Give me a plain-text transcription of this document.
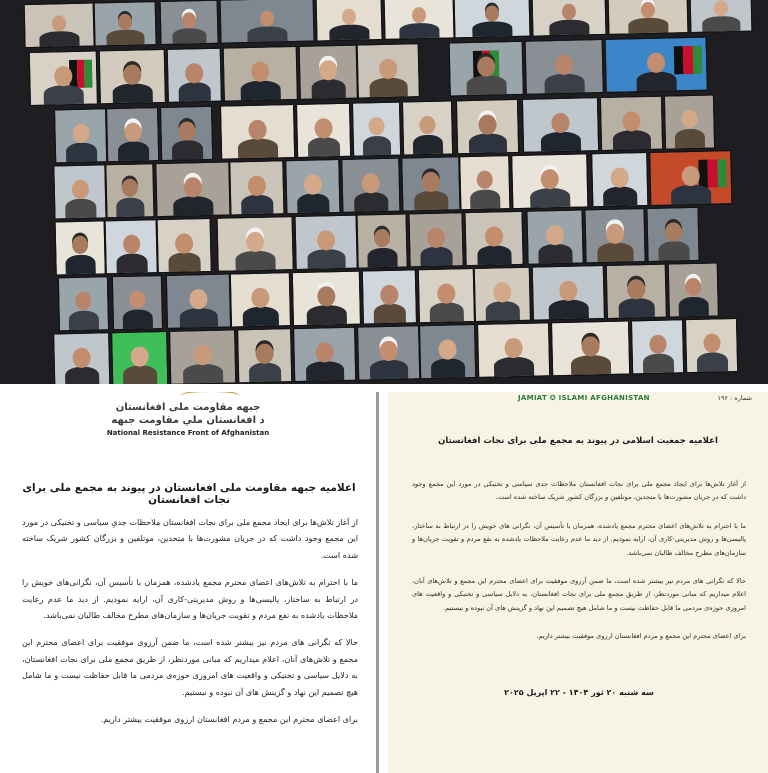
جبهه مقاومت ملی افغانستان
د افغانستان ملي مقاومت جبهه
National Resistance Front of Afghanistan
اعلامیه جبهه مقاومت ملی افغانستان در پیوند به مجمع ملی برای نجات افغانستان

از آغاز تلاش‌ها برای ایجاد مجمع ملی برای نجات افغانستان ملاحظات جدیِ سیاسی و تخنیکی در مورد این مجمع وجود داشت که در جریان مشورت‌ها با متحدین، موتلفین و بزرگان کشور شریک ساخته شده است.

ما با احترام به تلاش‌های اعضای محترم مجمع یادشده، همزمان با تأسیس آن، نگرانی‌های خویش را در ارتباط به ساختار، پالیسی‌ها و روش مدیریتی-کاری آن، ارایه نمودیم. از دید ما عدم رعایت ملاحظات یادشده به نفع مردم و تقویت جریان‌ها و سازمان‌های مطرح مخالف طالبان نمی‌باشد.

حالا که نگرانی های مردم نیز بیشتر شده است، ما ضمن آرزوی موفقیت برای اعضای محترم این مجمع و تلاش‌های آنان، اعلام میداریم که مبانی موردنظر، از طریق مجمع ملی برای نجات افغانستان، به دلایل سیاسی و تخنیکی و واقعیت های امروزی حوزه‌ی مردمی ما قابل حفاظت نیست و ما شامل هیچ تصمیم این نهاد و گزینش های آن نبوده و نیستیم.

برای اعضای محترم این مجمع و مردم افغانستان ارزوی موفقیت بیشتر داریم.

JAMIAT ✪ ISLAMI AFGHANISTAN	شماره : ۱۹۶
اعلامیه جمعیت اسلامی در پیوند به مجمع ملی برای نجات افغانستان

از آغاز تلاش‌ها برای ایجاد مجمع ملی برای نجات افغانستان ملاحظات جدی سیاسی و تخنیکی در مورد این مجمع وجود داشت که در جریان مشورت‌ها با متحدین، موتلفین و بزرگان کشور شریک ساخته شده است.

ما با احترام به تلاش‌های اعضای محترم مجمع یادشده، همزمان با تأسیس آن، نگرانی های خویش را در ارتباط به ساختار، پالیسی‌ها و روش مدیریتی-کاری آن، ارایه نمودیم. از دید ما عدم رعایت ملاحظات یادشده به نفع مردم و تقویت جریان‌ها و سازمان‌های مطرح مخالف طالبان نمی‌باشد.

حالا که نگرانی های مردم نیز بیشتر شده است، ما ضمن آرزوی موفقیت برای اعضای محترم این مجمع و تلاش‌های آنان، اعلام میداریم که مبانی موردنظر، از طریق مجمع ملی برای نجات افغانستان، به دلایل سیاسی و تخنیکی و واقعیت های امروزی حوزه‌ی مردمی ما قابل حفاظت نیست و ما شامل هیچ تصمیم این نهاد و گزینش های آن نبوده و نیستیم.

برای اعضای محترم این مجمع و مردم افغانستان ارزوی موفقیت بیشتر داریم.

سه شنبه ۲۰ ثور ۱۴۰۴ - ۲۲ اپریل ۲۰۲۵
